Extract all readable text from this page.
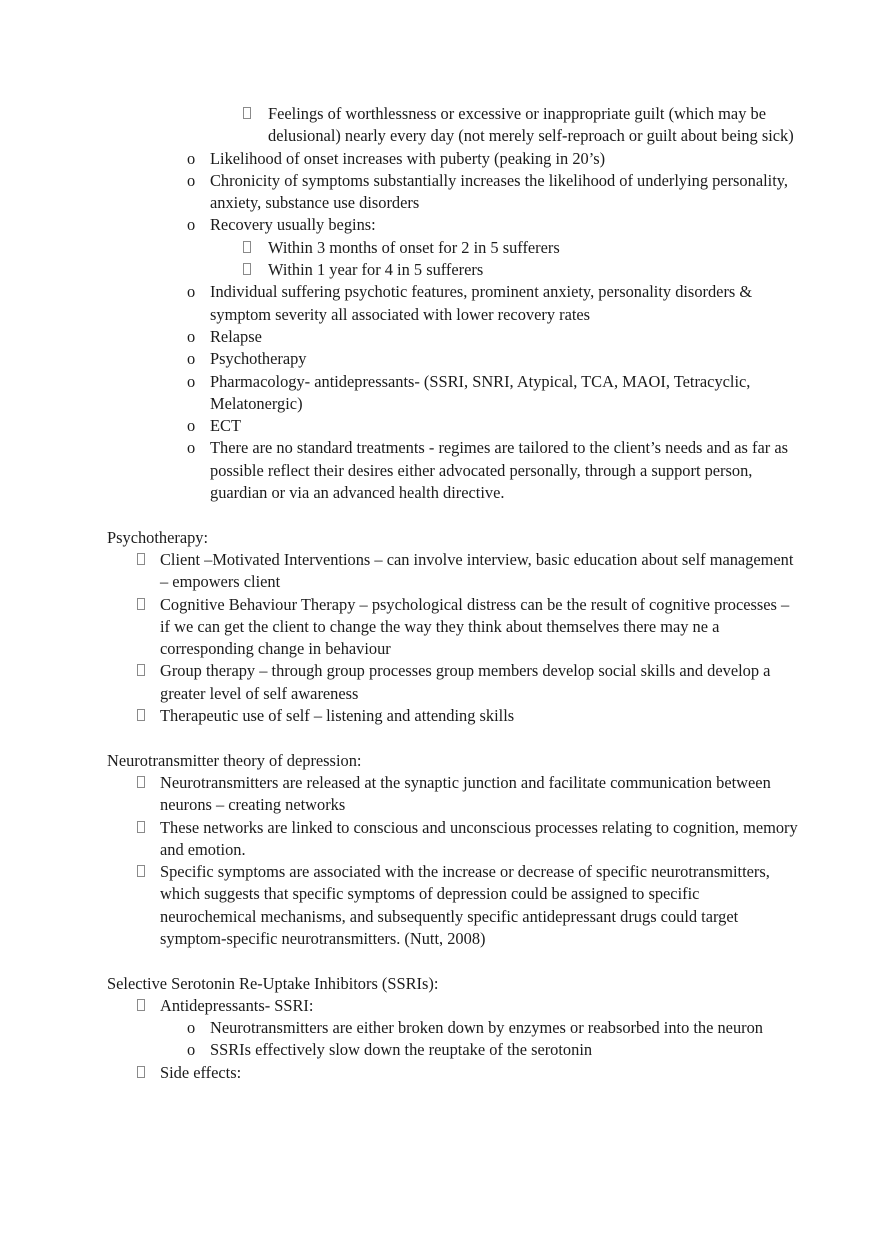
Feelings of worthlessness or excessive or inappropriate guilt (which may be delusional) nearly every day (not merely self-reproach or guilt about being sick)
o Likelihood of onset increases with puberty (peaking in 20’s)
o Chronicity of symptoms substantially increases the likelihood of underlying personality, anxiety, substance use disorders
o Recovery usually begins:
Within 3 months of onset for 2 in 5 sufferers
Within 1 year for 4 in 5 sufferers
o Individual suffering psychotic features, prominent anxiety, personality disorders & symptom severity all associated with lower recovery rates
o Relapse
o Psychotherapy
o Pharmacology- antidepressants- (SSRI, SNRI, Atypical, TCA, MAOI, Tetracyclic, Melatonergic)
o ECT
o There are no standard treatments - regimes are tailored to the client’s needs and as far as possible reflect their desires either advocated personally, through a support person, guardian or via an advanced health directive.
Psychotherapy:
Client –Motivated Interventions – can involve interview, basic education about self management – empowers client
Cognitive Behaviour Therapy – psychological distress can be the result of cognitive processes –if we can get the client to change the way they think about themselves there may ne a corresponding change in behaviour
Group therapy – through group processes group members develop social skills and develop a greater level of self awareness
Therapeutic use of self – listening and attending skills
Neurotransmitter theory of depression:
Neurotransmitters are released at the synaptic junction and facilitate communication between neurons – creating networks
These networks are linked to conscious and unconscious processes relating to cognition, memory and emotion.
Specific symptoms are associated with the increase or decrease of specific neurotransmitters, which suggests that specific symptoms of depression could be assigned to specific neurochemical mechanisms, and subsequently specific antidepressant drugs could target symptom-specific neurotransmitters. (Nutt, 2008)
Selective Serotonin Re-Uptake Inhibitors (SSRIs):
Antidepressants- SSRI:
o Neurotransmitters are either broken down by enzymes or reabsorbed into the neuron
o SSRIs effectively slow down the reuptake of the serotonin
Side effects:
